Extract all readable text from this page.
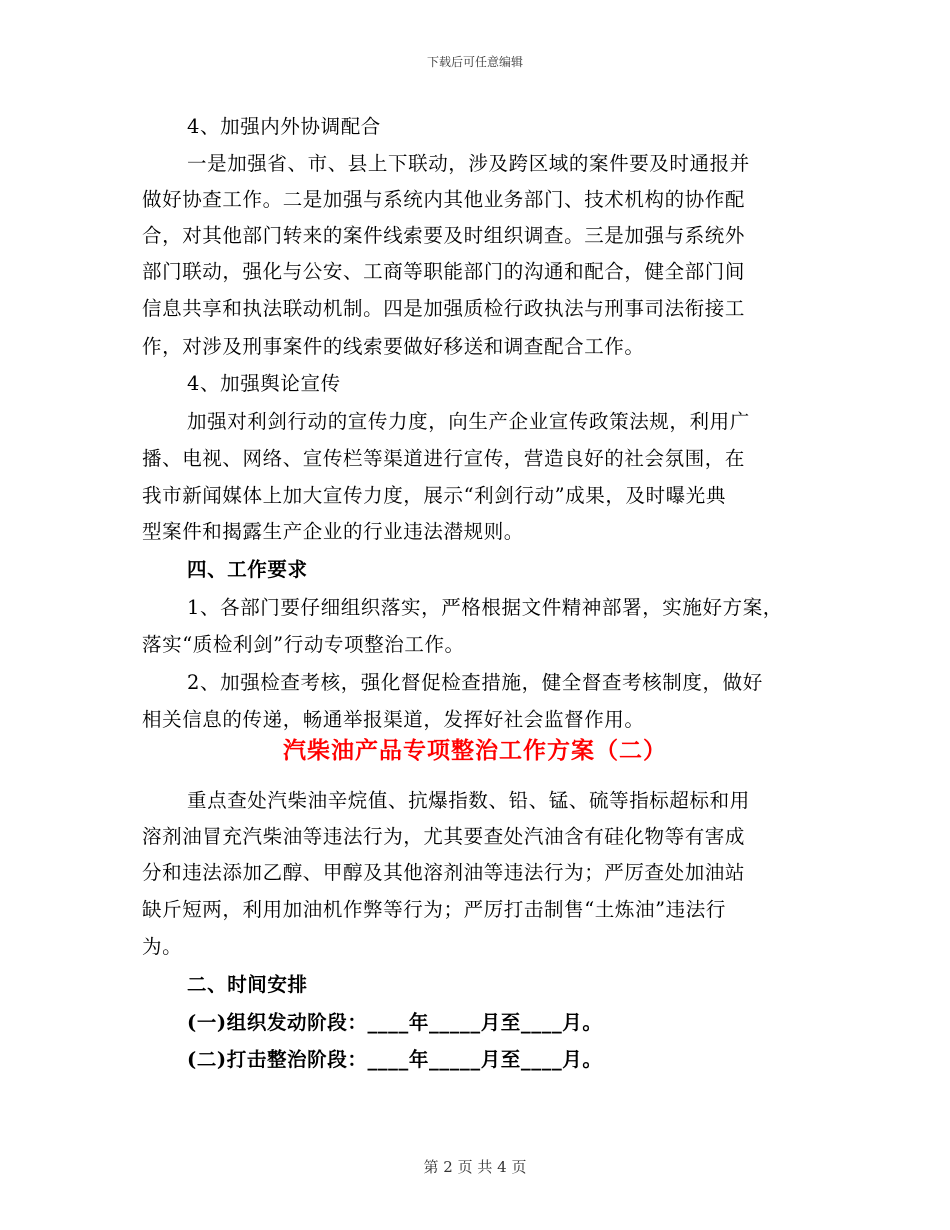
下载后可任意编辑
4、加强内外协调配合
一是加强省、市、县上下联动，涉及跨区域的案件要及时通报并
做好协查工作。二是加强与系统内其他业务部门、技术机构的协作配
合，对其他部门转来的案件线索要及时组织调查。三是加强与系统外
部门联动，强化与公安、工商等职能部门的沟通和配合，健全部门间
信息共享和执法联动机制。四是加强质检行政执法与刑事司法衔接工
作，对涉及刑事案件的线索要做好移送和调查配合工作。
4、加强舆论宣传
加强对利剑行动的宣传力度，向生产企业宣传政策法规，利用广
播、电视、网络、宣传栏等渠道进行宣传，营造良好的社会氛围，在
我市新闻媒体上加大宣传力度，展示“利剑行动”成果，及时曝光典
型案件和揭露生产企业的行业违法潜规则。
四、工作要求
1、各部门要仔细组织落实，严格根据文件精神部署，实施好方案，
落实“质检利剑”行动专项整治工作。
2、加强检查考核，强化督促检查措施，健全督查考核制度，做好
相关信息的传递，畅通举报渠道，发挥好社会监督作用。
汽柴油产品专项整治工作方案（二）
重点查处汽柴油辛烷值、抗爆指数、铅、锰、硫等指标超标和用
溶剂油冒充汽柴油等违法行为，尤其要查处汽油含有硅化物等有害成
分和违法添加乙醇、甲醇及其他溶剂油等违法行为；严厉查处加油站
缺斤短两，利用加油机作弊等行为；严厉打击制售“土炼油”违法行
为。
二、时间安排
(一)组织发动阶段：____年_____月至____月。
(二)打击整治阶段：____年_____月至____月。
第 2 页 共 4 页
